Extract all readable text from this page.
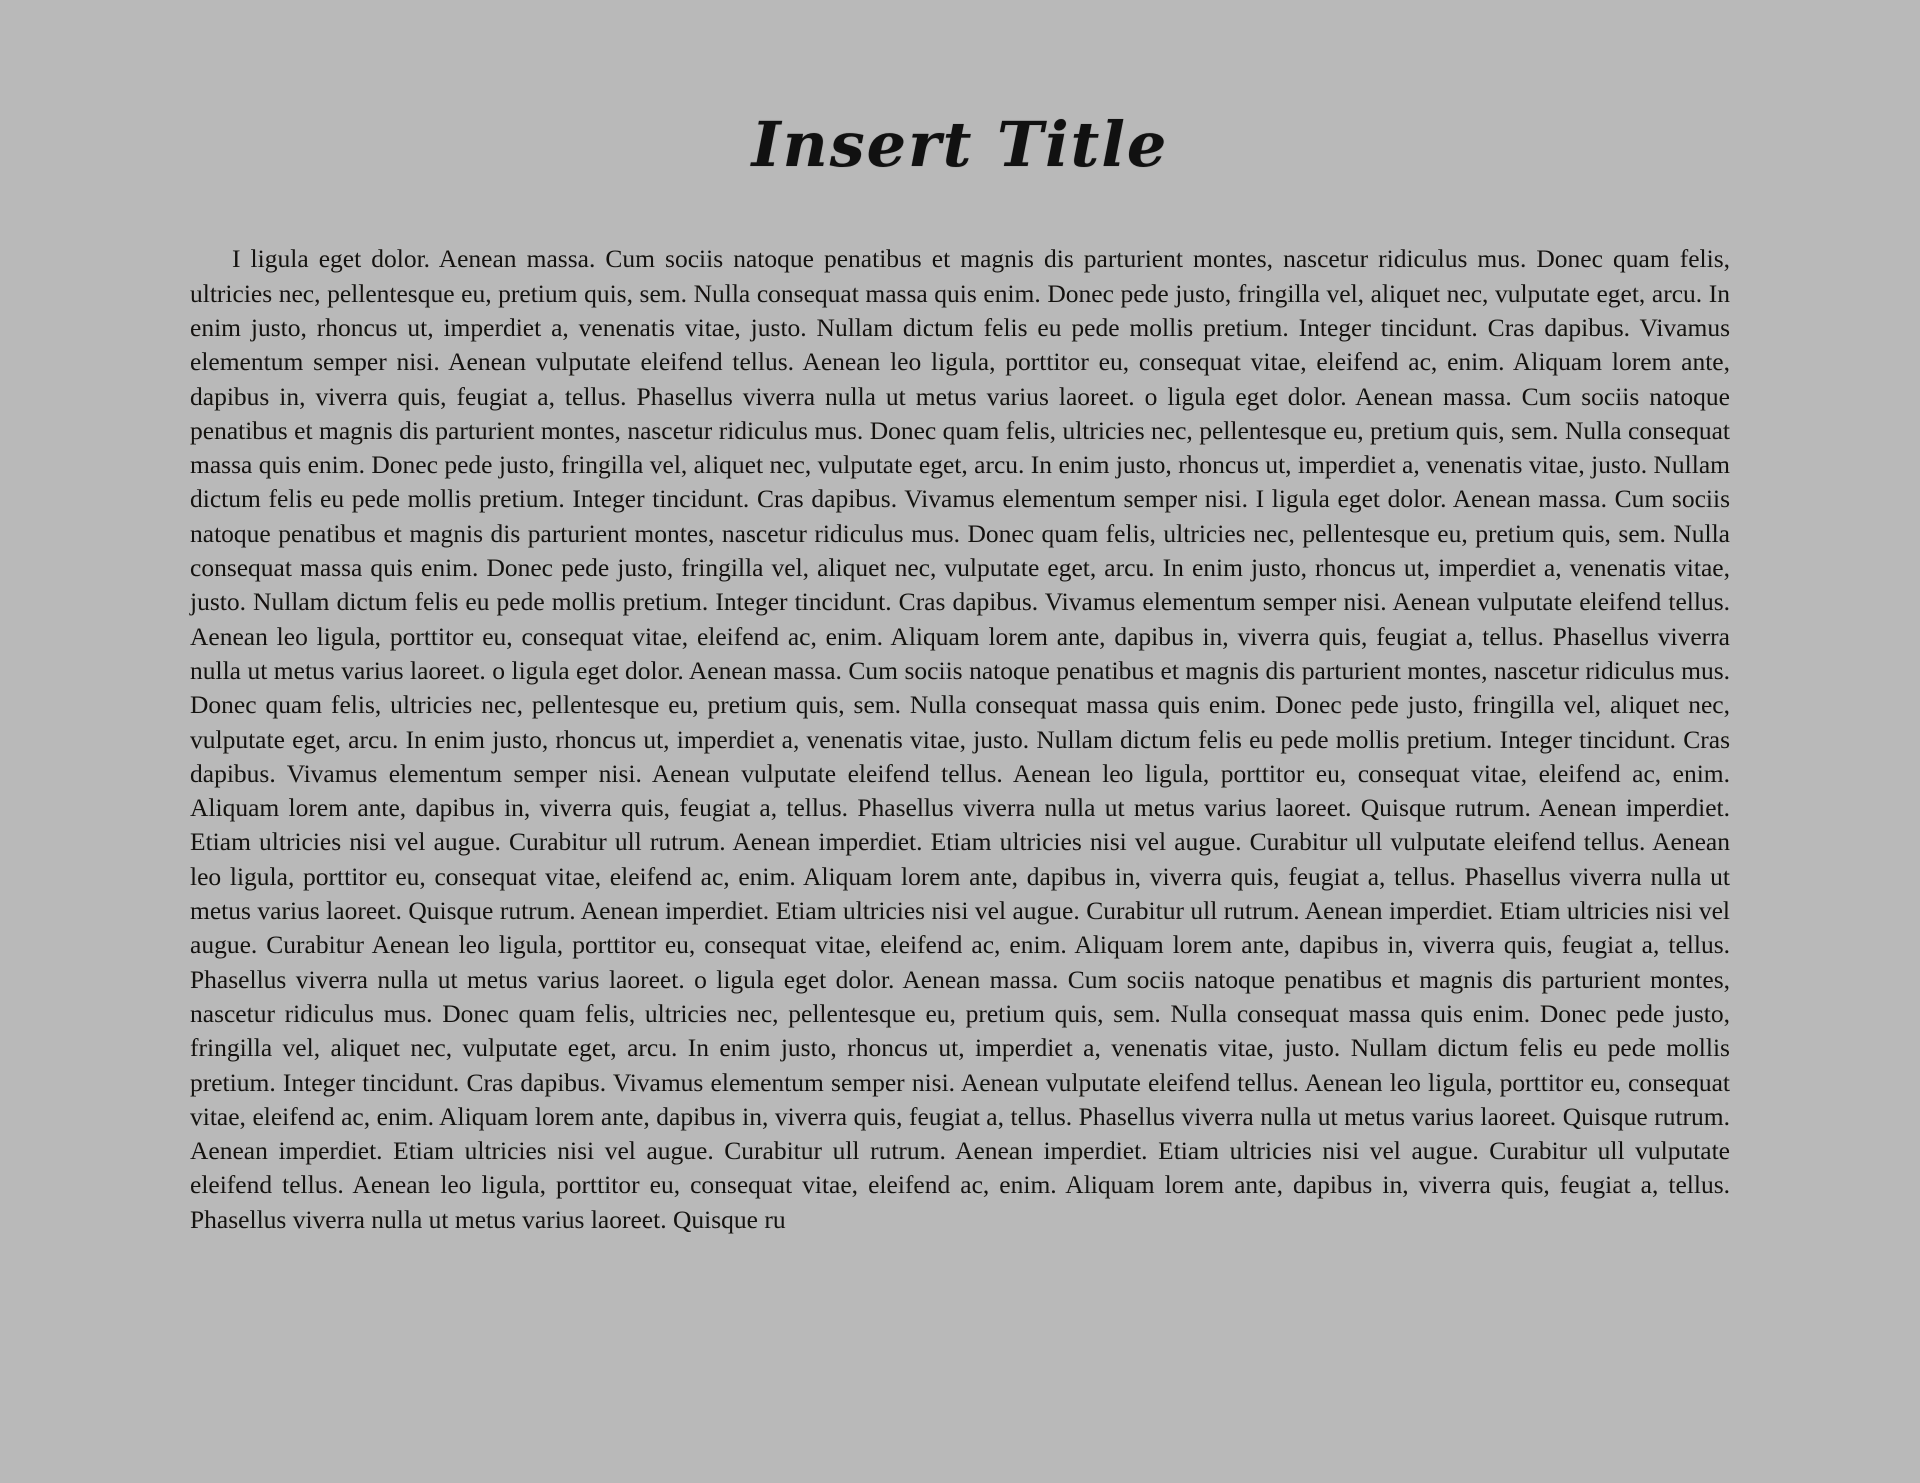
Insert Title

I ligula eget dolor. Aenean massa. Cum sociis natoque penatibus et magnis dis parturient montes, nascetur ridiculus mus. Donec quam felis, ultricies nec, pellentesque eu, pretium quis, sem. Nulla consequat massa quis enim. Donec pede justo, fringilla vel, aliquet nec, vulputate eget, arcu. In enim justo, rhoncus ut, imperdiet a, venenatis vitae, justo. Nullam dictum felis eu pede mollis pretium. Integer tincidunt. Cras dapibus. Vivamus elementum semper nisi. Aenean vulputate eleifend tellus. Aenean leo ligula, porttitor eu, consequat vitae, eleifend ac, enim. Aliquam lorem ante, dapibus in, viverra quis, feugiat a, tellus. Phasellus viverra nulla ut metus varius laoreet. o ligula eget dolor. Aenean massa. Cum sociis natoque penatibus et magnis dis parturient montes, nascetur ridiculus mus. Donec quam felis, ultricies nec, pellentesque eu, pretium quis, sem. Nulla consequat massa quis enim. Donec pede justo, fringilla vel, aliquet nec, vulputate eget, arcu. In enim justo, rhoncus ut, imperdiet a, venenatis vitae, justo. Nullam dictum felis eu pede mollis pretium. Integer tincidunt. Cras dapibus. Vivamus elementum semper nisi. I ligula eget dolor. Aenean massa. Cum sociis natoque penatibus et magnis dis parturient montes, nascetur ridiculus mus. Donec quam felis, ultricies nec, pellentesque eu, pretium quis, sem. Nulla consequat massa quis enim. Donec pede justo, fringilla vel, aliquet nec, vulputate eget, arcu. In enim justo, rhoncus ut, imperdiet a, venenatis vitae, justo. Nullam dictum felis eu pede mollis pretium. Integer tincidunt. Cras dapibus. Vivamus elementum semper nisi. Aenean vulputate eleifend tellus. Aenean leo ligula, porttitor eu, consequat vitae, eleifend ac, enim. Aliquam lorem ante, dapibus in, viverra quis, feugiat a, tellus. Phasellus viverra nulla ut metus varius laoreet. o ligula eget dolor. Aenean massa. Cum sociis natoque penatibus et magnis dis parturient montes, nascetur ridiculus mus. Donec quam felis, ultricies nec, pellentesque eu, pretium quis, sem. Nulla consequat massa quis enim. Donec pede justo, fringilla vel, aliquet nec, vulputate eget, arcu. In enim justo, rhoncus ut, imperdiet a, venenatis vitae, justo. Nullam dictum felis eu pede mollis pretium. Integer tincidunt. Cras dapibus. Vivamus elementum semper nisi. Aenean vulputate eleifend tellus. Aenean leo ligula, porttitor eu, consequat vitae, eleifend ac, enim. Aliquam lorem ante, dapibus in, viverra quis, feugiat a, tellus. Phasellus viverra nulla ut metus varius laoreet. Quisque rutrum. Aenean imperdiet. Etiam ultricies nisi vel augue. Curabitur ull rutrum. Aenean imperdiet. Etiam ultricies nisi vel augue. Curabitur ull vulputate eleifend tellus. Aenean leo ligula, porttitor eu, consequat vitae, eleifend ac, enim. Aliquam lorem ante, dapibus in, viverra quis, feugiat a, tellus. Phasellus viverra nulla ut metus varius laoreet. Quisque rutrum. Aenean imperdiet. Etiam ultricies nisi vel augue. Curabitur ull rutrum. Aenean imperdiet. Etiam ultricies nisi vel augue. Curabitur Aenean leo ligula, porttitor eu, consequat vitae, eleifend ac, enim. Aliquam lorem ante, dapibus in, viverra quis, feugiat a, tellus. Phasellus viverra nulla ut metus varius laoreet. o ligula eget dolor. Aenean massa. Cum sociis natoque penatibus et magnis dis parturient montes, nascetur ridiculus mus. Donec quam felis, ultricies nec, pellentesque eu, pretium quis, sem. Nulla consequat massa quis enim. Donec pede justo, fringilla vel, aliquet nec, vulputate eget, arcu. In enim justo, rhoncus ut, imperdiet a, venenatis vitae, justo. Nullam dictum felis eu pede mollis pretium. Integer tincidunt. Cras dapibus. Vivamus elementum semper nisi. Aenean vulputate eleifend tellus. Aenean leo ligula, porttitor eu, consequat vitae, eleifend ac, enim. Aliquam lorem ante, dapibus in, viverra quis, feugiat a, tellus. Phasellus viverra nulla ut metus varius laoreet. Quisque rutrum. Aenean imperdiet. Etiam ultricies nisi vel augue. Curabitur ull rutrum. Aenean imperdiet. Etiam ultricies nisi vel augue. Curabitur ull vulputate eleifend tellus. Aenean leo ligula, porttitor eu, consequat vitae, eleifend ac, enim. Aliquam lorem ante, dapibus in, viverra quis, feugiat a, tellus. Phasellus viverra nulla ut metus varius laoreet. Quisque ru
